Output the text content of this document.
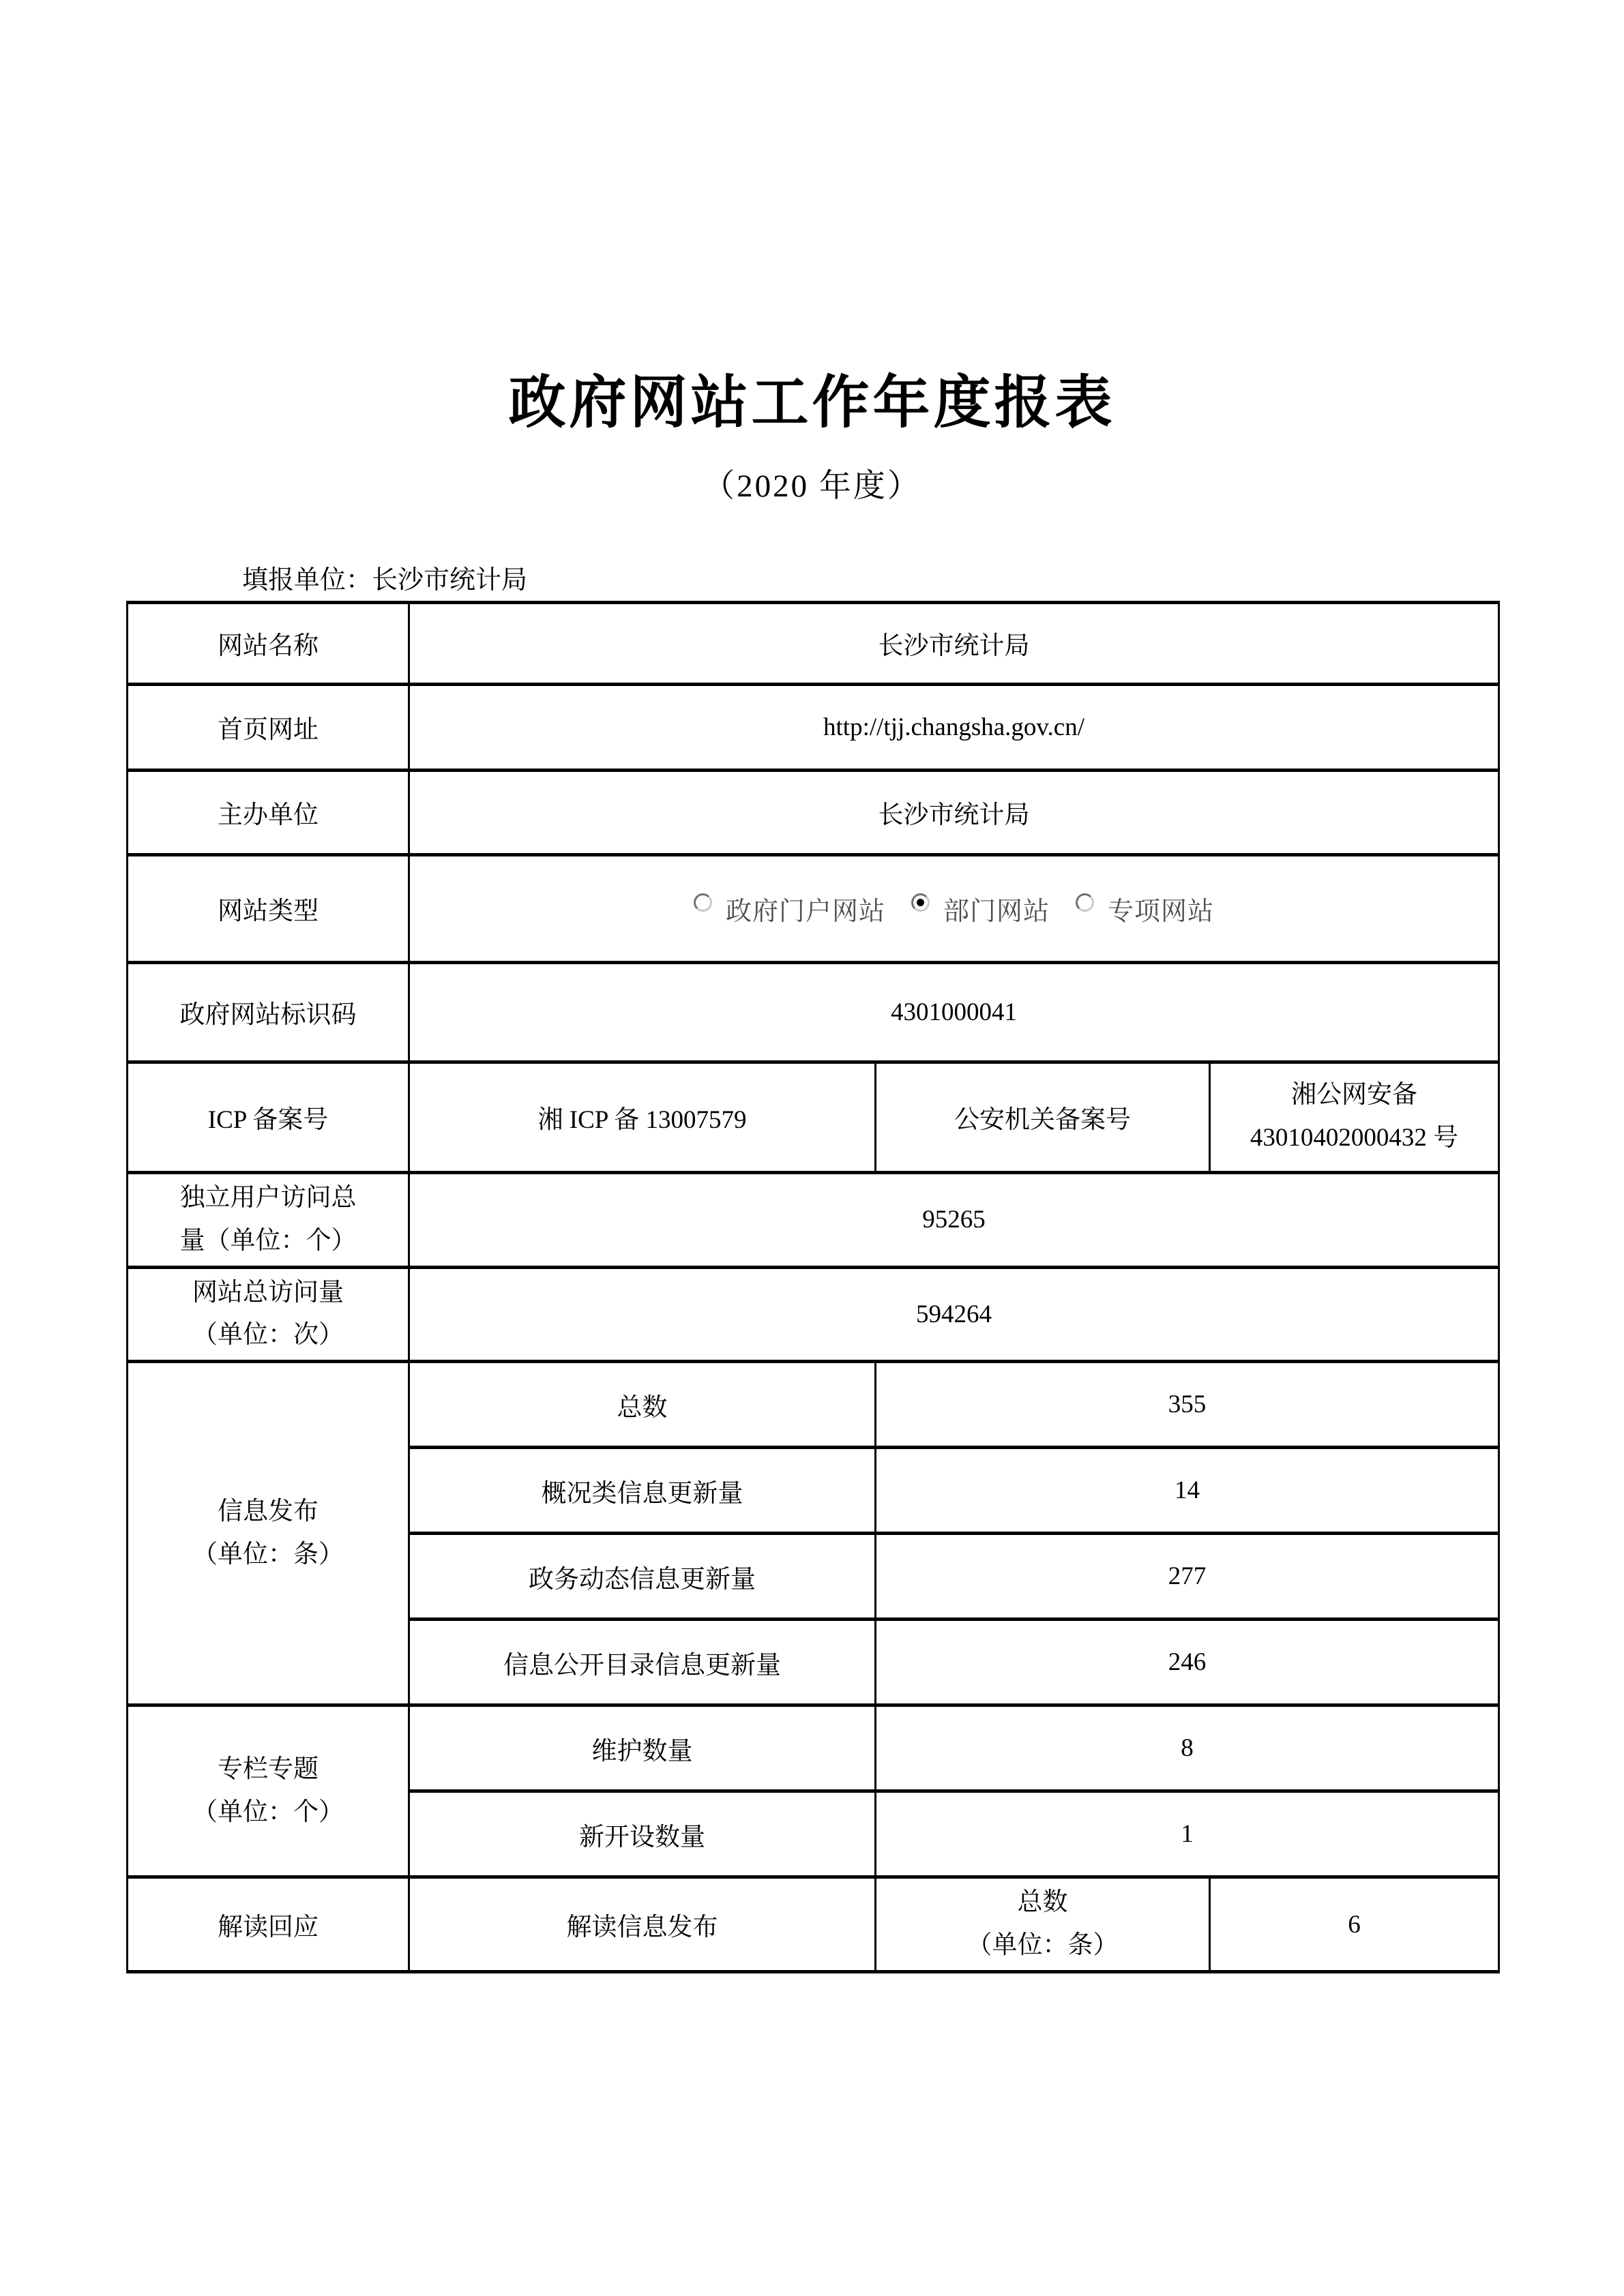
政府网站工作年度报表
（2020 年度）
填报单位：长沙市统计局
网站名称	长沙市统计局		
首页网址	http://tjj.changsha.gov.cn/		
主办单位	长沙市统计局		
网站类型	政府门户网站 部门网站 专项网站		

政府网站标识码	4301000041		
ICP 备案号	湘 ICP 备 13007579	公安机关备案号	湘公网安备
43010402000432 号

独立用户访问总
量（单位：个）	95265		

网站总访问量
（单位：次）	594264		

信息发布
（单位：条）	总数	355	
	概况类信息更新量	14	
	政务动态信息更新量	277	
	信息公开目录信息更新量	246	

专栏专题
（单位：个）	维护数量	8	
	新开设数量	1	
解读回应	解读信息发布	总数
（单位：条）	6
